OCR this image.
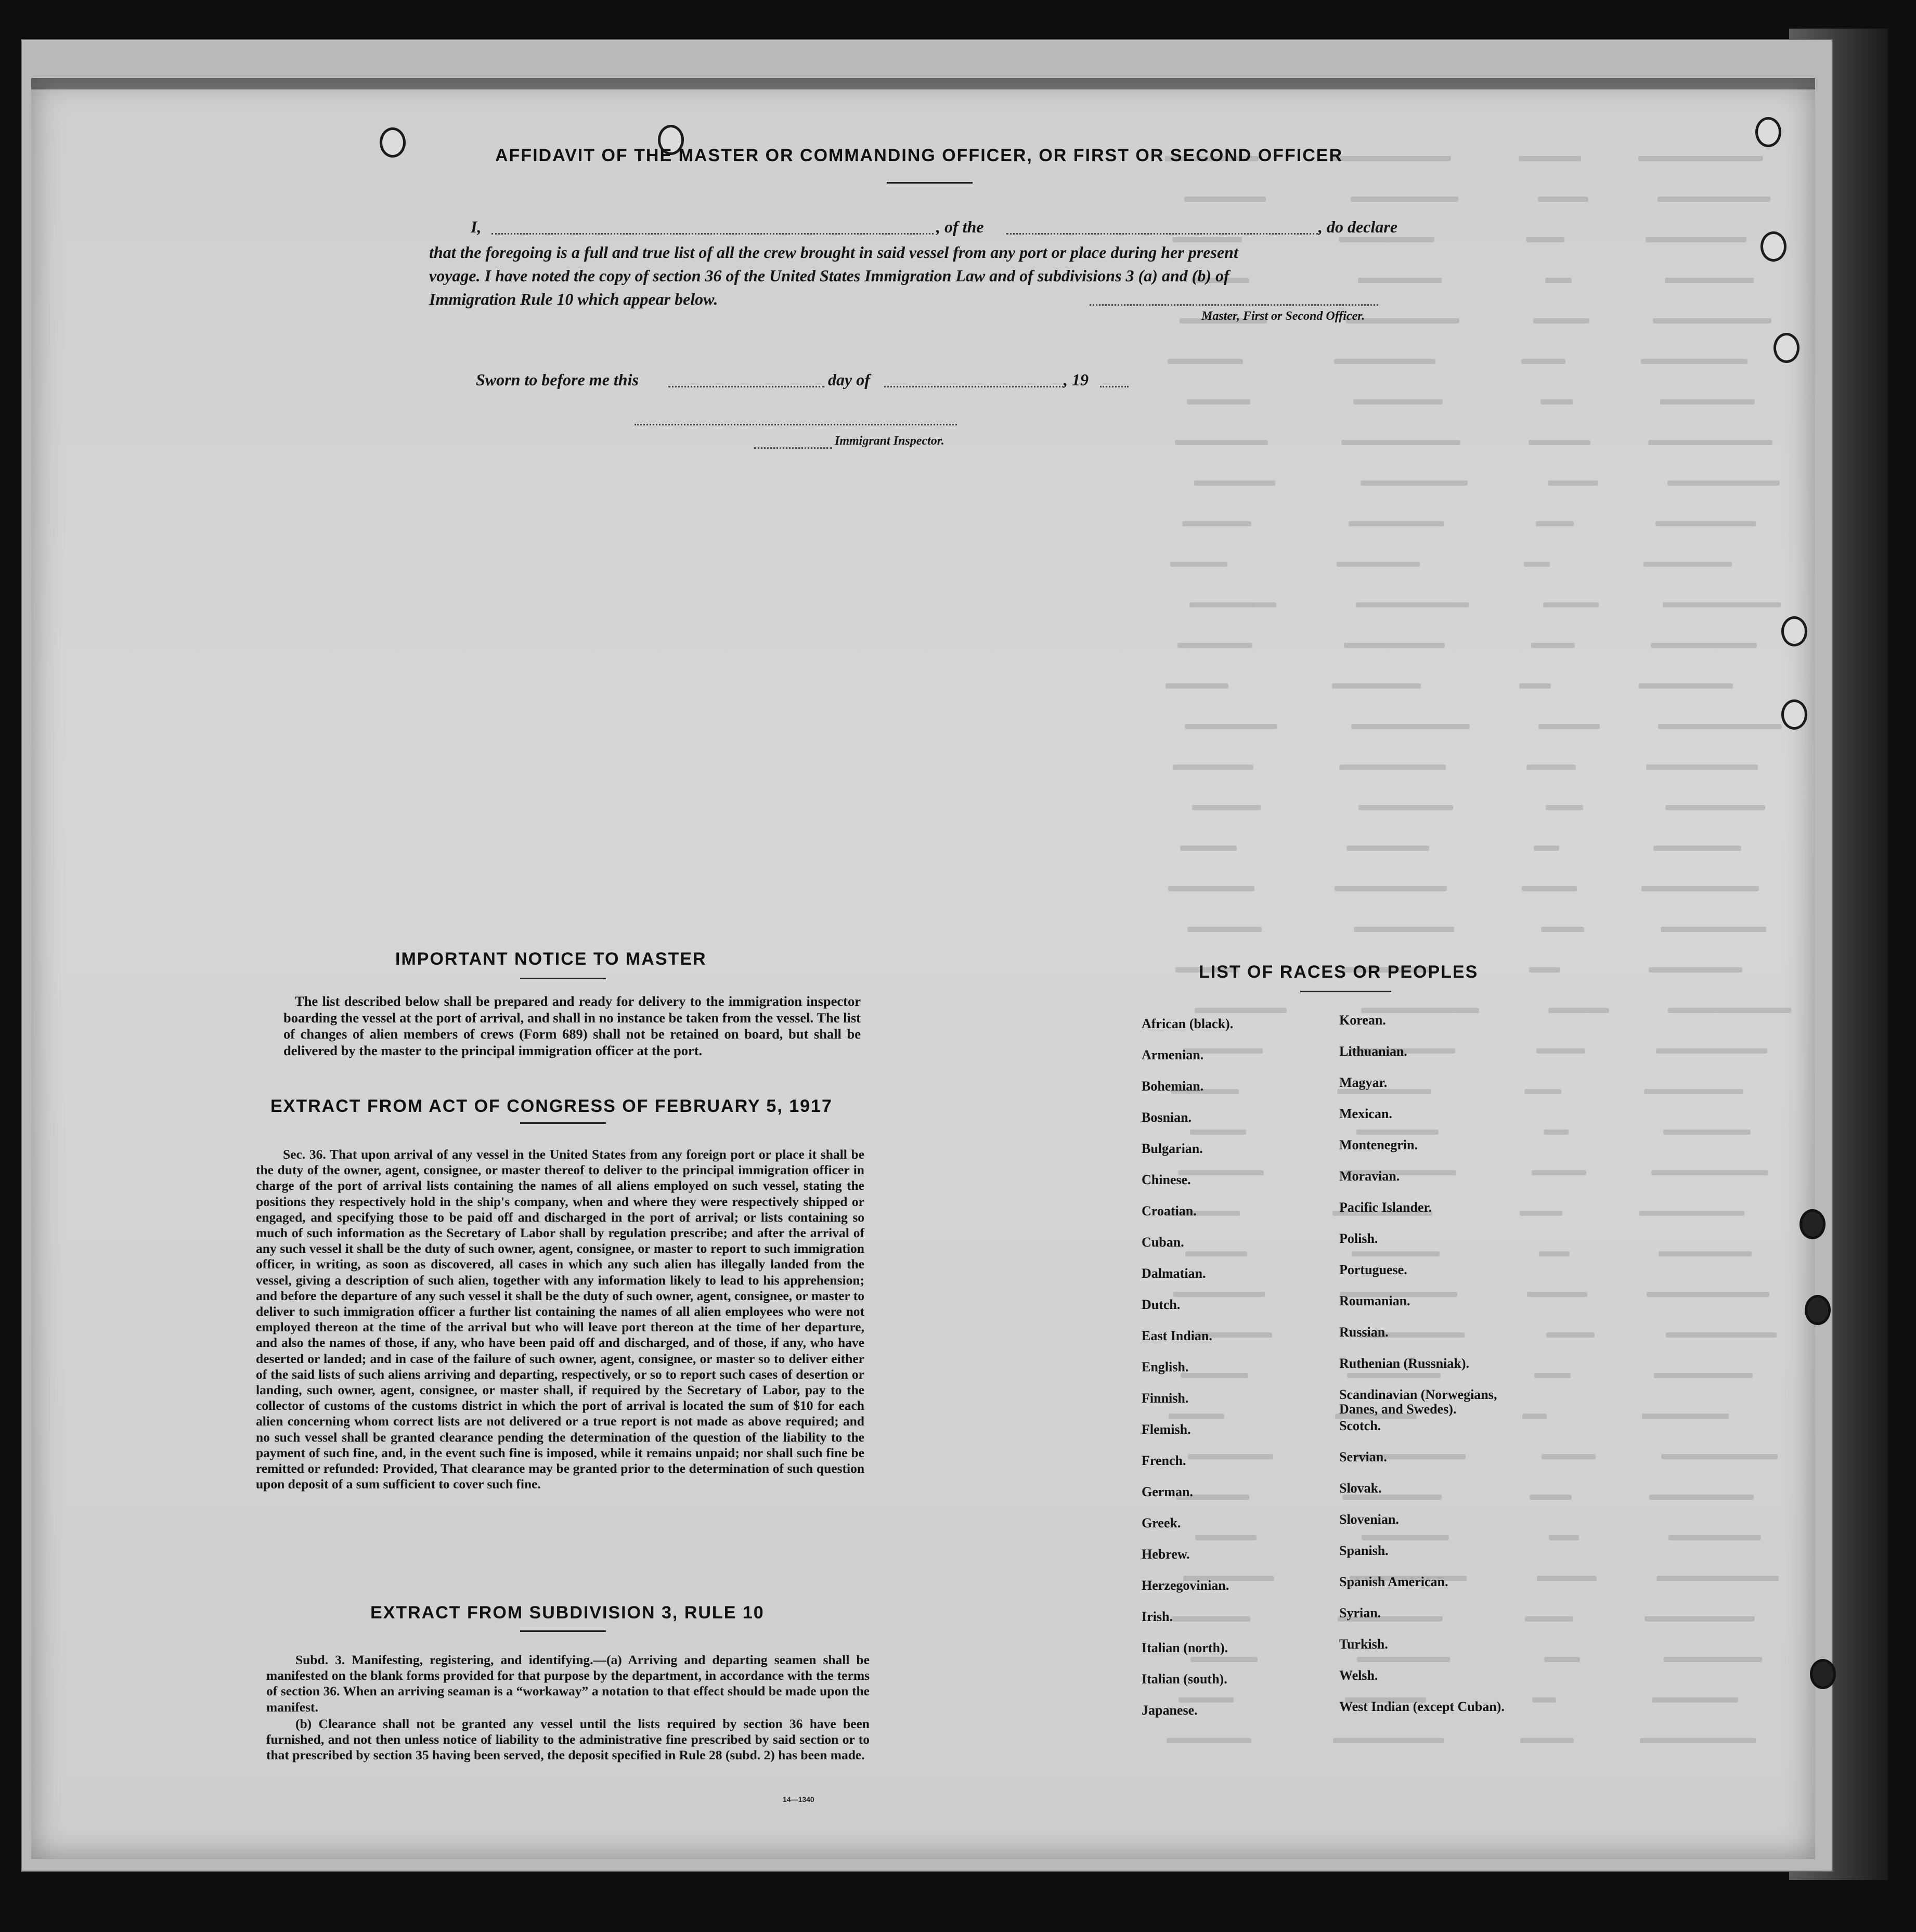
AFFIDAVIT OF THE MASTER OR COMMANDING OFFICER, OR FIRST OR SECOND OFFICER
I,	, of the	, do declare
that the foregoing is a full and true list of all the crew brought in said vessel from any port or place during her present
voyage. I have noted the copy of section 36 of the United States Immigration Law and of subdivisions 3 (a) and (b) of
Immigration Rule 10 which appear below.
Master, First or Second Officer.
Sworn to before me this	day of	, 19
Immigrant Inspector.
IMPORTANT NOTICE TO MASTER

The list described below shall be prepared and ready for delivery to the immigration inspector boarding the vessel at the port of arrival, and shall in no instance be taken from the vessel. The list of changes of alien members of crews (Form 689) shall not be retained on board, but shall be delivered by the master to the principal immigration officer at the port.

EXTRACT FROM ACT OF CONGRESS OF FEBRUARY 5, 1917

Sec. 36. That upon arrival of any vessel in the United States from any foreign port or place it shall be the duty of the owner, agent, consignee, or master thereof to deliver to the principal immigration officer in charge of the port of arrival lists containing the names of all aliens employed on such vessel, stating the positions they respectively hold in the ship's company, when and where they were respectively shipped or engaged, and specifying those to be paid off and discharged in the port of arrival; or lists containing so much of such information as the Secretary of Labor shall by regulation prescribe; and after the arrival of any such vessel it shall be the duty of such owner, agent, consignee, or master to report to such immigration officer, in writing, as soon as discovered, all cases in which any such alien has illegally landed from the vessel, giving a description of such alien, together with any information likely to lead to his apprehension; and before the departure of any such vessel it shall be the duty of such owner, agent, consignee, or master to deliver to such immigration officer a further list containing the names of all alien employees who were not employed thereon at the time of the arrival but who will leave port thereon at the time of her departure, and also the names of those, if any, who have been paid off and discharged, and of those, if any, who have deserted or landed; and in case of the failure of such owner, agent, consignee, or master so to deliver either of the said lists of such aliens arriving and departing, respectively, or so to report such cases of desertion or landing, such owner, agent, consignee, or master shall, if required by the Secretary of Labor, pay to the collector of customs of the customs district in which the port of arrival is located the sum of $10 for each alien concerning whom correct lists are not delivered or a true report is not made as above required; and no such vessel shall be granted clearance pending the determination of the question of the liability to the payment of such fine, and, in the event such fine is imposed, while it remains unpaid; nor shall such fine be remitted or refunded: Provided, That clearance may be granted prior to the determination of such question upon deposit of a sum sufficient to cover such fine.

EXTRACT FROM SUBDIVISION 3, RULE 10

Subd. 3. Manifesting, registering, and identifying.—(a) Arriving and departing seamen shall be manifested on the blank forms provided for that purpose by the department, in accordance with the terms of section 36. When an arriving seaman is a “workaway” a notation to that effect should be made upon the manifest.

(b) Clearance shall not be granted any vessel until the lists required by section 36 have been furnished, and not then unless notice of liability to the administrative fine prescribed by said section or to that prescribed by section 35 having been served, the deposit specified in Rule 28 (subd. 2) has been made.

14—1340
LIST OF RACES OR PEOPLES
African (black).
Armenian.
Bohemian.
Bosnian.
Bulgarian.
Chinese.
Croatian.
Cuban.
Dalmatian.
Dutch.
East Indian.
English.
Finnish.
Flemish.
French.
German.
Greek.
Hebrew.
Herzegovinian.
Irish.
Italian (north).
Italian (south).
Japanese.
Korean.
Lithuanian.
Magyar.
Mexican.
Montenegrin.
Moravian.
Pacific Islander.
Polish.
Portuguese.
Roumanian.
Russian.
Ruthenian (Russniak).
Scandinavian (Norwegians,
Danes, and Swedes).
Scotch.
Servian.
Slovak.
Slovenian.
Spanish.
Spanish American.
Syrian.
Turkish.
Welsh.
West Indian (except Cuban).
